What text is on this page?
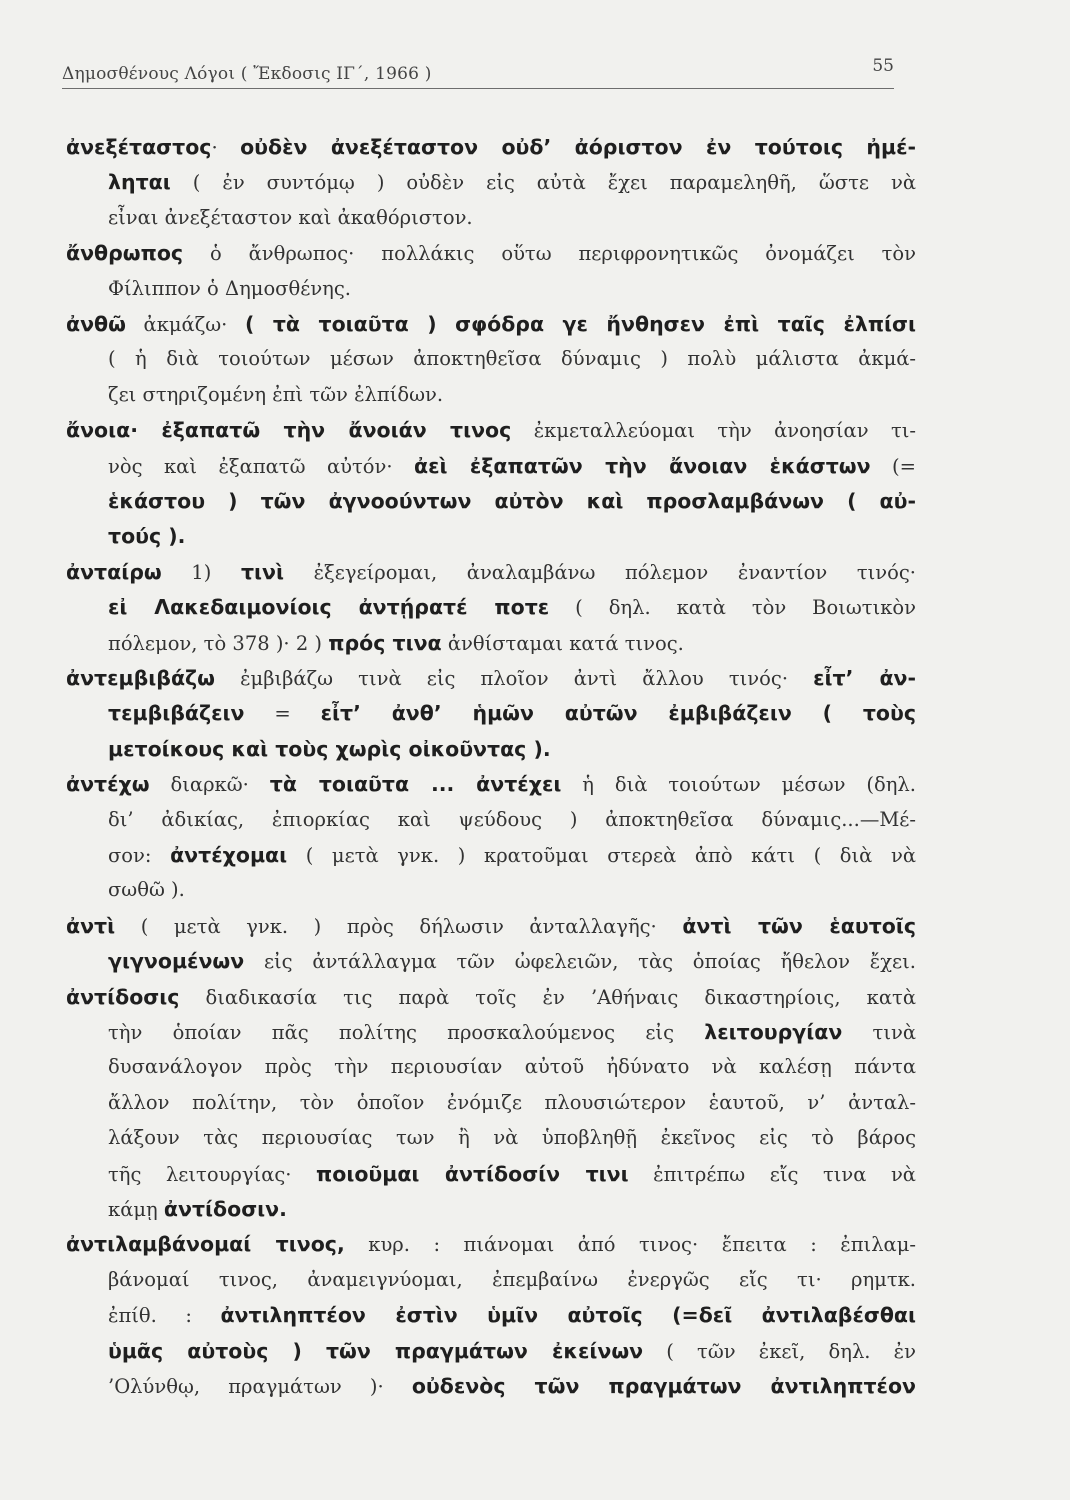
Δημοσθένους Λόγοι ( Ἔκδοσις ΙΓ΄, 1966 )	55
ἀνεξέταστος· οὐδὲν ἀνεξέταστον οὐδ’ ἀόριστον ἐν τούτοις ἠμέ-
ληται ( ἐν συντόμῳ ) οὐδὲν εἰς αὐτὰ ἔχει παραμεληθῆ, ὥστε νὰ
εἶναι ἀνεξέταστον καὶ ἀκαθόριστον.
ἄνθρωπος ὁ ἄνθρωπος· πολλάκις οὕτω περιφρονητικῶς ὀνομάζει τὸν
Φίλιππον ὁ Δημοσθένης.
ἀνθῶ ἀκμάζω· ( τὰ τοιαῦτα ) σφόδρα γε ἤνθησεν ἐπὶ ταῖς ἐλπίσι
( ἡ διὰ τοιούτων μέσων ἀποκτηθεῖσα δύναμις ) πολὺ μάλιστα ἀκμά-
ζει στηριζομένη ἐπὶ τῶν ἐλπίδων.
ἄνοια· ἐξαπατῶ τὴν ἄνοιάν τινος ἐκμεταλλεύομαι τὴν ἀνοησίαν τι-
νὸς καὶ ἐξαπατῶ αὐτόν· ἀεὶ ἐξαπατῶν τὴν ἄνοιαν ἑκάστων (=
ἑκάστου ) τῶν ἀγνοούντων αὐτὸν καὶ προσλαμβάνων ( αὐ-
τούς ).
ἀνταίρω 1) τινὶ ἐξεγείρομαι, ἀναλαμβάνω πόλεμον ἐναντίον τινός·
εἰ Λακεδαιμονίοις ἀντῄρατέ ποτε ( δηλ. κατὰ τὸν Βοιωτικὸν
πόλεμον, τὸ 378 )· 2 ) πρός τινα ἀνθίσταμαι κατά τινος.
ἀντεμβιβάζω ἐμβιβάζω τινὰ εἰς πλοῖον ἀντὶ ἄλλου τινός· εἶτ’ ἀν-
τεμβιβάζειν = εἶτ’ ἀνθ’ ἡμῶν αὐτῶν ἐμβιβάζειν ( τοὺς
μετοίκους καὶ τοὺς χωρὶς οἰκοῦντας ).
ἀντέχω διαρκῶ· τὰ τοιαῦτα ... ἀντέχει ἡ διὰ τοιούτων μέσων (δηλ.
δι’ ἀδικίας, ἐπιορκίας καὶ ψεύδους ) ἀποκτηθεῖσα δύναμις...—Μέ-
σον: ἀντέχομαι ( μετὰ γνκ. ) κρατοῦμαι στερεὰ ἀπὸ κάτι ( διὰ νὰ
σωθῶ ).
ἀντὶ ( μετὰ γνκ. ) πρὸς δήλωσιν ἀνταλλαγῆς· ἀντὶ τῶν ἑαυτοῖς
γιγνομένων εἰς ἀντάλλαγμα τῶν ὠφελειῶν, τὰς ὁποίας ἤθελον ἔχει.
ἀντίδοσις διαδικασία τις παρὰ τοῖς ἐν ’Αθήναις δικαστηρίοις, κατὰ
τὴν ὁποίαν πᾶς πολίτης προσκαλούμενος εἰς λειτουργίαν τινὰ
δυσανάλογον πρὸς τὴν περιουσίαν αὐτοῦ ἠδύνατο νὰ καλέσῃ πάντα
ἄλλον πολίτην, τὸν ὁποῖον ἐνόμιζε πλουσιώτερον ἑαυτοῦ, ν’ ἀνταλ-
λάξουν τὰς περιουσίας των ἢ νὰ ὑποβληθῇ ἐκεῖνος εἰς τὸ βάρος
τῆς λειτουργίας· ποιοῦμαι ἀντίδοσίν τινι ἐπιτρέπω εἴς τινα νὰ
κάμῃ ἀντίδοσιν.
ἀντιλαμβάνομαί τινος, κυρ. : πιάνομαι ἀπό τινος· ἔπειτα : ἐπιλαμ-
βάνομαί τινος, ἀναμειγνύομαι, ἐπεμβαίνω ἐνεργῶς εἴς τι· ρημτκ.
ἐπίθ. : ἀντιληπτέον ἐστὶν ὑμῖν αὐτοῖς (=δεῖ ἀντιλαβέσθαι
ὑμᾶς αὐτοὺς ) τῶν πραγμάτων ἐκείνων ( τῶν ἐκεῖ, δηλ. ἐν
’Ολύνθῳ, πραγμάτων )· οὐδενὸς τῶν πραγμάτων ἀντιληπτέον
